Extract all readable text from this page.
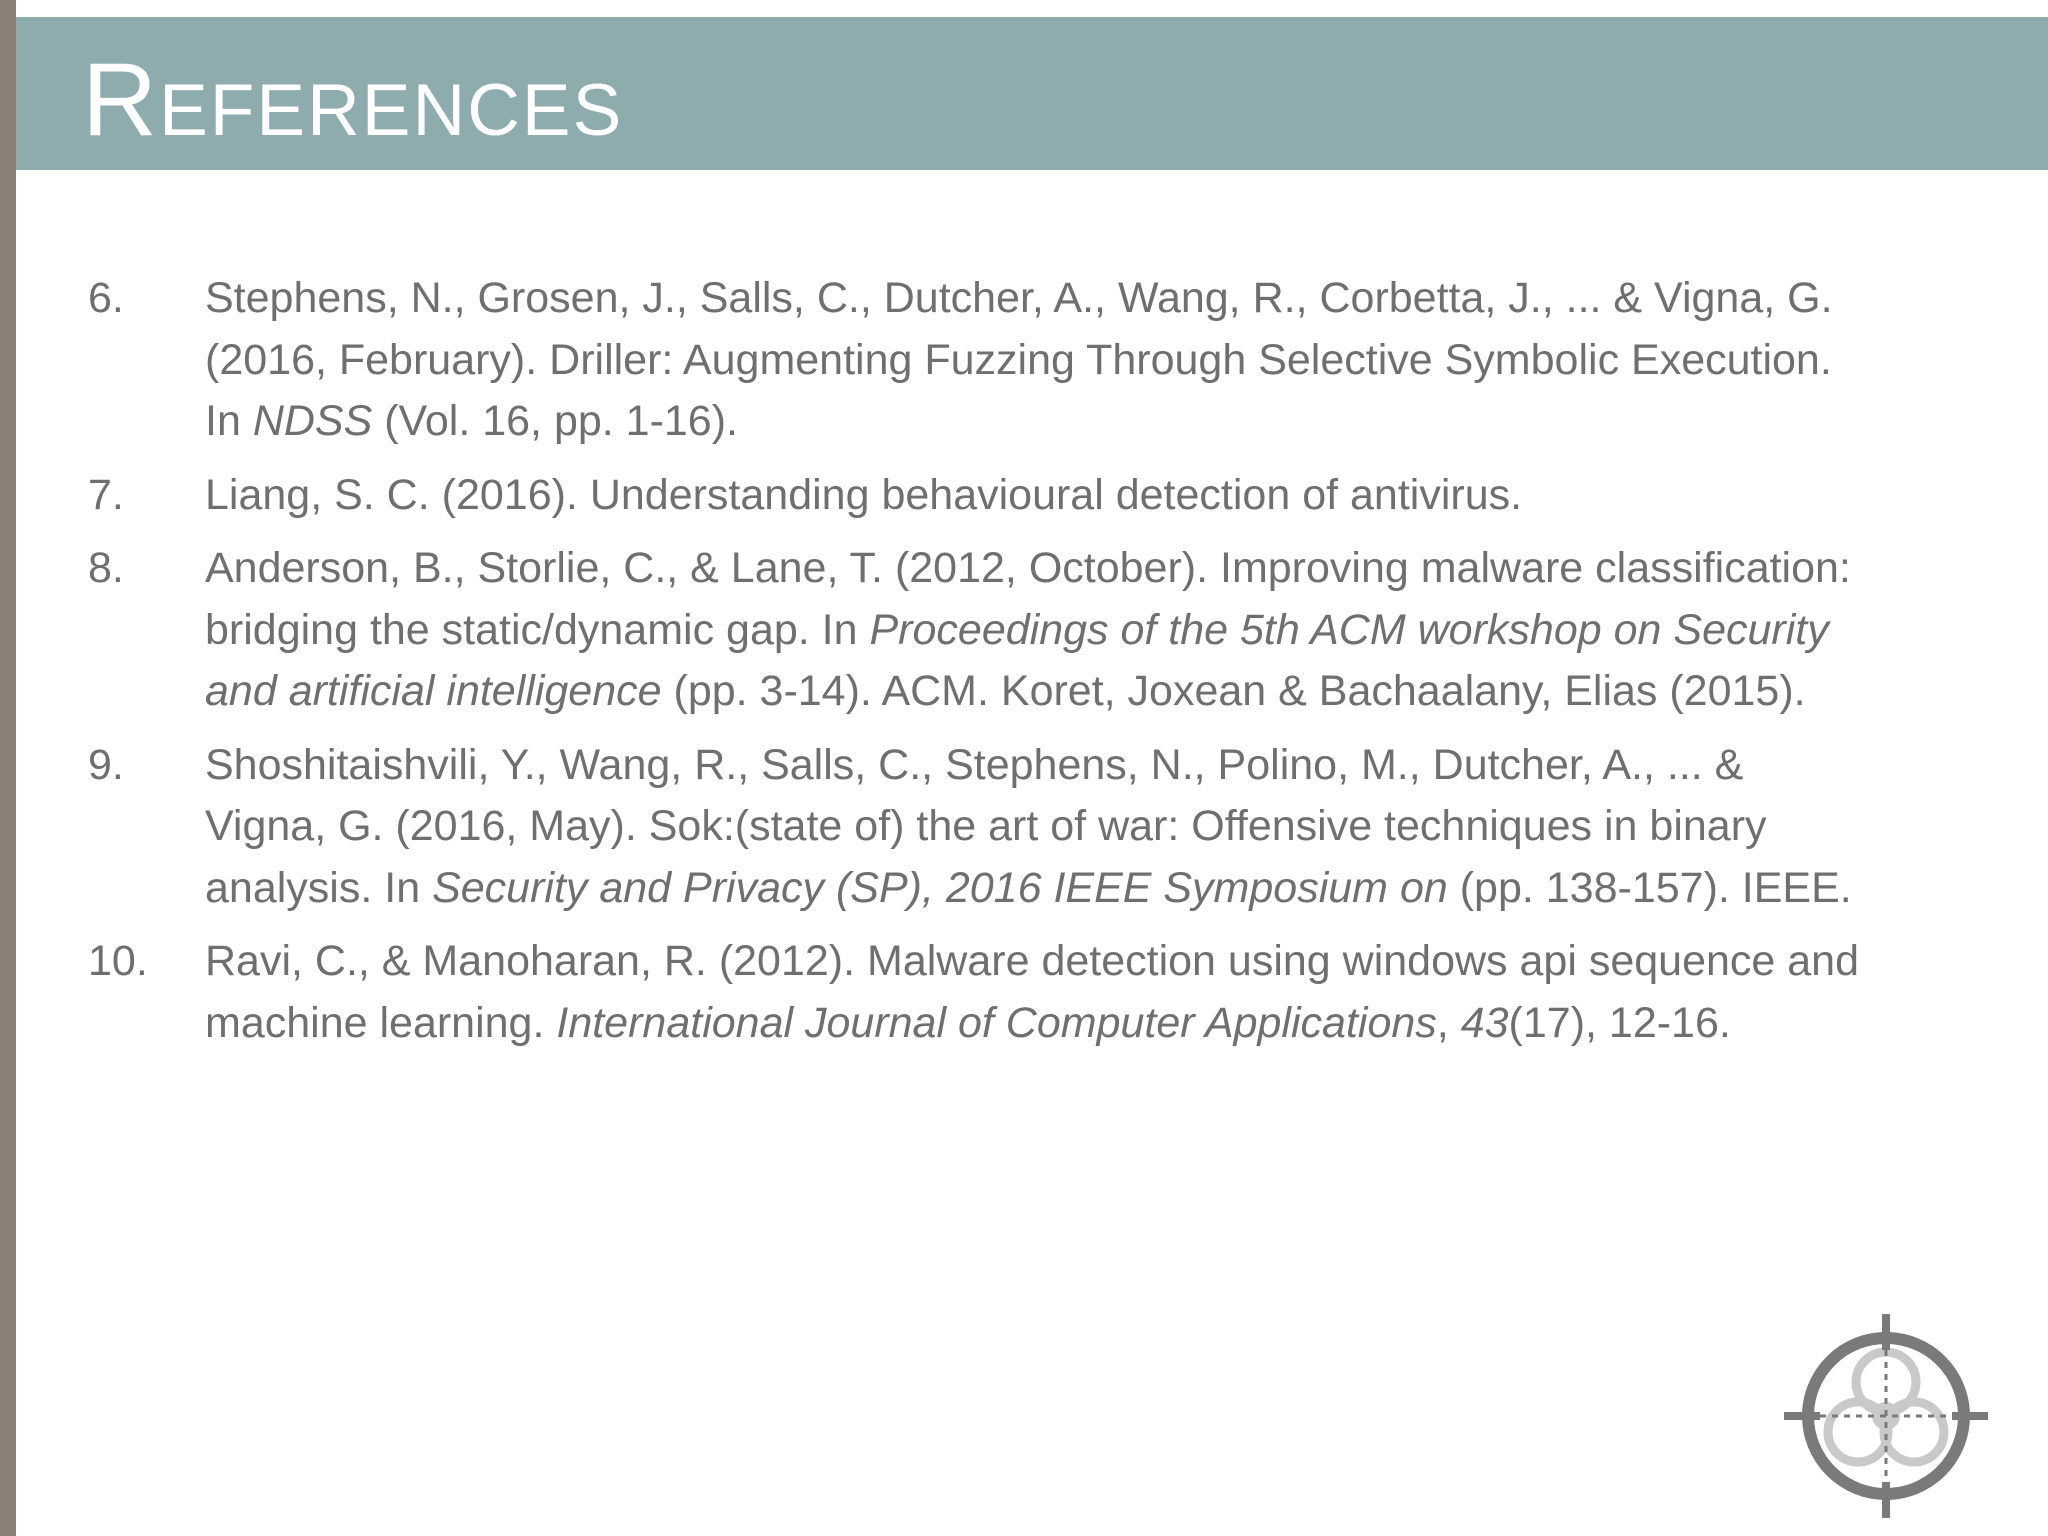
References
6. Stephens, N., Grosen, J., Salls, C., Dutcher, A., Wang, R., Corbetta, J., ... & Vigna, G. (2016, February). Driller: Augmenting Fuzzing Through Selective Symbolic Execution. In NDSS (Vol. 16, pp. 1-16).
7. Liang, S. C. (2016). Understanding behavioural detection of antivirus.
8. Anderson, B., Storlie, C., & Lane, T. (2012, October). Improving malware classification: bridging the static/dynamic gap. In Proceedings of the 5th ACM workshop on Security and artificial intelligence (pp. 3-14). ACM. Koret, Joxean & Bachaalany, Elias (2015).
9. Shoshitaishvili, Y., Wang, R., Salls, C., Stephens, N., Polino, M., Dutcher, A., ... & Vigna, G. (2016, May). Sok:(state of) the art of war: Offensive techniques in binary analysis. In Security and Privacy (SP), 2016 IEEE Symposium on (pp. 138-157). IEEE.
10. Ravi, C., & Manoharan, R. (2012). Malware detection using windows api sequence and machine learning. International Journal of Computer Applications, 43(17), 12-16.
